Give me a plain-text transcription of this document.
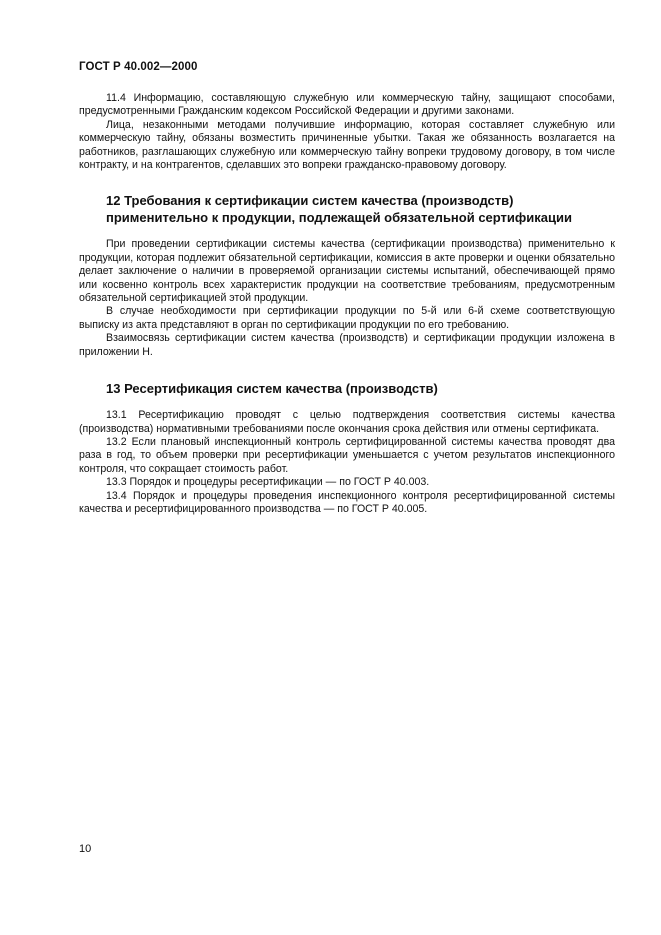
ГОСТ Р 40.002—2000

11.4 Информацию, составляющую служебную или коммерческую тайну, защищают способами, предусмотренными Гражданским кодексом Российской Федерации и другими законами.

Лица, незаконными методами получившие информацию, которая составляет служебную или коммерческую тайну, обязаны возместить причиненные убытки. Такая же обязанность возлагается на работников, разглашающих служебную или коммерческую тайну вопреки трудовому договору, в том числе контракту, и на контрагентов, сделавших это вопреки гражданско-правовому договору.

12 Требования к сертификации систем качества (производств)
применительно к продукции, подлежащей обязательной сертификации

При проведении сертификации системы качества (сертификации производства) применительно к продукции, которая подлежит обязательной сертификации, комиссия в акте проверки и оценки обязательно делает заключение о наличии в проверяемой организации системы испытаний, обеспечивающей прямо или косвенно контроль всех характеристик продукции на соответствие требованиям, предусмотренным обязательной сертификацией этой продукции.

В случае необходимости при сертификации продукции по 5-й или 6-й схеме соответствующую выписку из акта представляют в орган по сертификации продукции по его требованию.

Взаимосвязь сертификации систем качества (производств) и сертификации продукции изложена в приложении Н.

13 Ресертификация систем качества (производств)

13.1 Ресертификацию проводят с целью подтверждения соответствия системы качества (производства) нормативными требованиями после окончания срока действия или отмены сертификата.

13.2 Если плановый инспекционный контроль сертифицированной системы качества проводят два раза в год, то объем проверки при ресертификации уменьшается с учетом результатов инспекционного контроля, что сокращает стоимость работ.

13.3 Порядок и процедуры ресертификации — по ГОСТ Р 40.003.

13.4 Порядок и процедуры проведения инспекционного контроля ресертифицированной системы качества и ресертифицированного производства — по ГОСТ Р 40.005.

10
